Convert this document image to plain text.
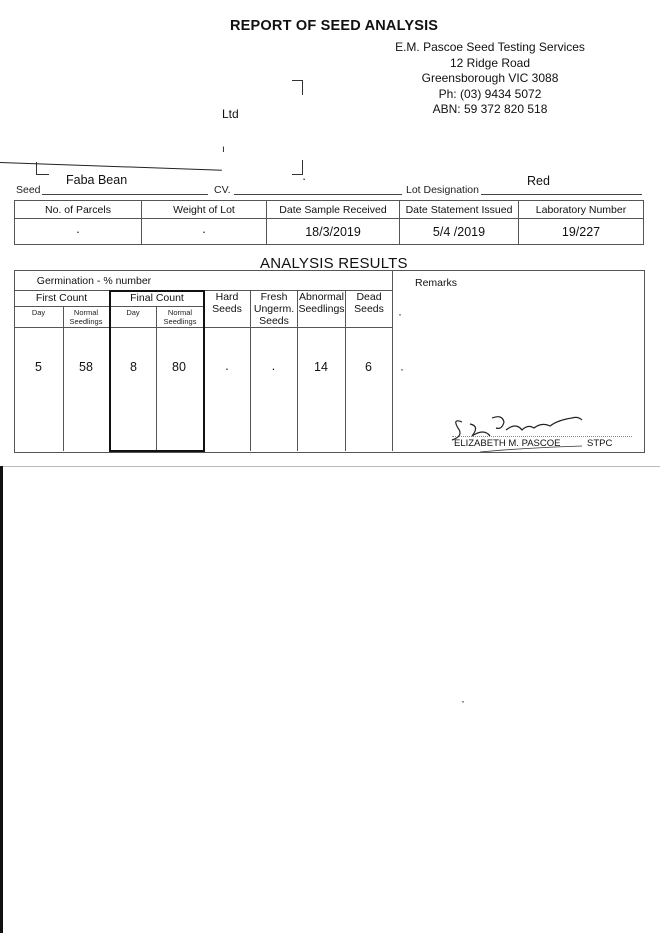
REPORT OF SEED ANALYSIS
E.M. Pascoe Seed Testing Services
12 Ridge Road
Greensborough VIC 3088
Ph: (03) 9434 5072
ABN: 59 372 820 518
Ltd
ı
Seed
Faba Bean
CV.
·
Lot Designation
Red
No. of Parcels	Weight of Lot	Date Sample Received	Date Statement Issued	Laboratory Number
·	·	18/3/2019	5/4 /2019	19/227
ANALYSIS RESULTS
Germination - % number
First Count	Final Count
Day	Normal Seedlings
Day	Normal Seedlings
Hard Seeds
Fresh Ungerm. Seeds
Abnormal Seedlings
Dead Seeds
Remarks
5	58	8	80	·	·	14	6
·
·
ELIZABETH M. PASCOE	STPC
·
